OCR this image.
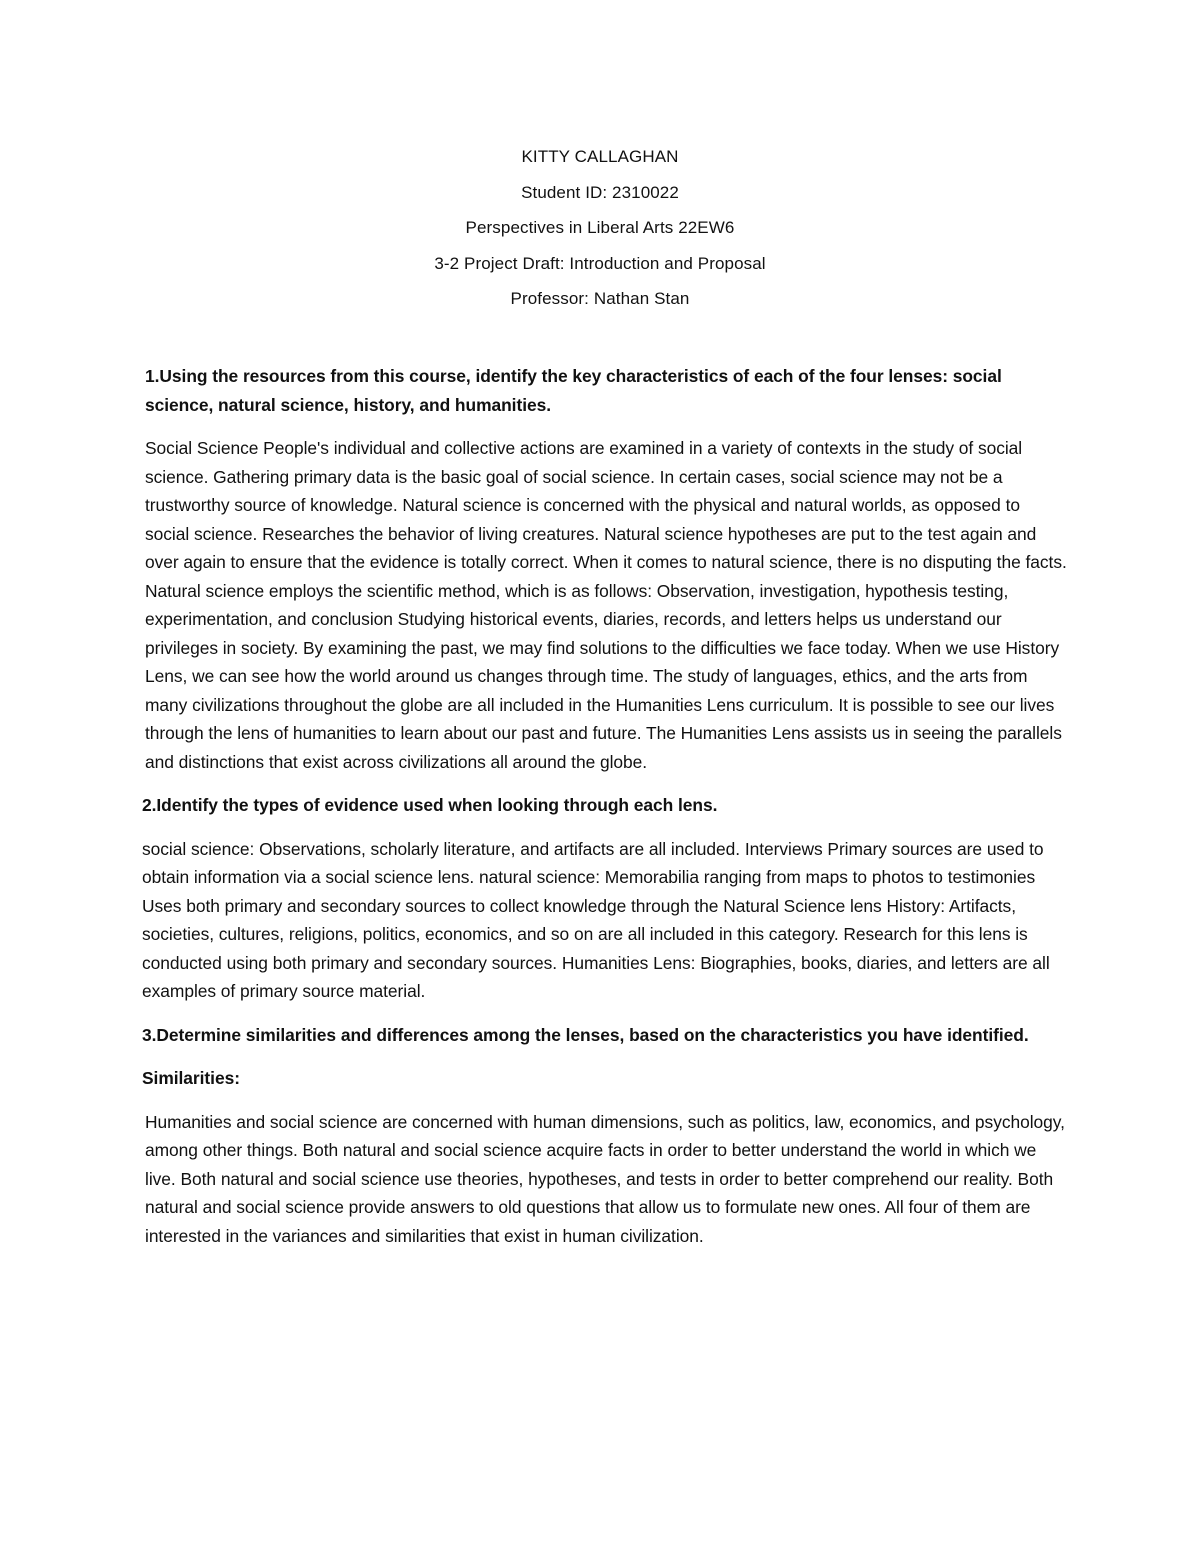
KITTY CALLAGHAN

Student ID: 2310022

Perspectives in Liberal Arts 22EW6

3-2 Project Draft: Introduction and Proposal

Professor: Nathan Stan

1.Using the resources from this course, identify the key characteristics of each of the four lenses: social science, natural science, history, and humanities.

Social Science People's individual and collective actions are examined in a variety of contexts in the study of social science. Gathering primary data is the basic goal of social science. In certain cases, social science may not be a trustworthy source of knowledge. Natural science is concerned with the physical and natural worlds, as opposed to social science. Researches the behavior of living creatures. Natural science hypotheses are put to the test again and over again to ensure that the evidence is totally correct. When it comes to natural science, there is no disputing the facts. Natural science employs the scientific method, which is as follows: Observation, investigation, hypothesis testing, experimentation, and conclusion Studying historical events, diaries, records, and letters helps us understand our privileges in society. By examining the past, we may find solutions to the difficulties we face today. When we use History Lens, we can see how the world around us changes through time. The study of languages, ethics, and the arts from many civilizations throughout the globe are all included in the Humanities Lens curriculum. It is possible to see our lives through the lens of humanities to learn about our past and future. The Humanities Lens assists us in seeing the parallels and distinctions that exist across civilizations all around the globe.

2.Identify the types of evidence used when looking through each lens.

social science: Observations, scholarly literature, and artifacts are all included. Interviews Primary sources are used to obtain information via a social science lens. natural science: Memorabilia ranging from maps to photos to testimonies Uses both primary and secondary sources to collect knowledge through the Natural Science lens History: Artifacts, societies, cultures, religions, politics, economics, and so on are all included in this category. Research for this lens is conducted using both primary and secondary sources. Humanities Lens: Biographies, books, diaries, and letters are all examples of primary source material.

3.Determine similarities and differences among the lenses, based on the characteristics you have identified.

Similarities:

Humanities and social science are concerned with human dimensions, such as politics, law, economics, and psychology, among other things. Both natural and social science acquire facts in order to better understand the world in which we live. Both natural and social science use theories, hypotheses, and tests in order to better comprehend our reality. Both natural and social science provide answers to old questions that allow us to formulate new ones. All four of them are interested in the variances and similarities that exist in human civilization.
